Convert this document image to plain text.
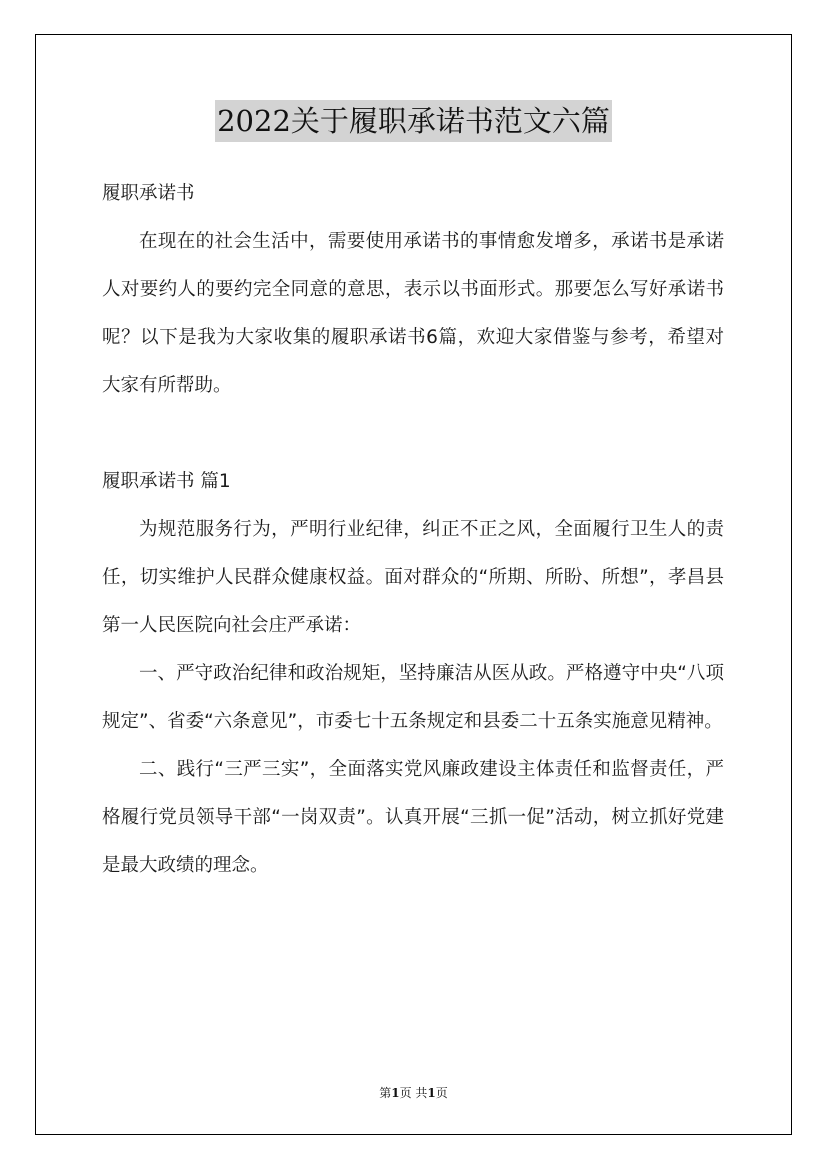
2022关于履职承诺书范文六篇

履职承诺书

在现在的社会生活中，需要使用承诺书的事情愈发增多，承诺书是承诺人对要约人的要约完全同意的意思，表示以书面形式。那要怎么写好承诺书呢？以下是我为大家收集的履职承诺书6篇，欢迎大家借鉴与参考，希望对大家有所帮助。

履职承诺书 篇1

为规范服务行为，严明行业纪律，纠正不正之风，全面履行卫生人的责任，切实维护人民群众健康权益。面对群众的“所期、所盼、所想”，孝昌县第一人民医院向社会庄严承诺：

一、严守政治纪律和政治规矩，坚持廉洁从医从政。严格遵守中央“八项规定”、省委“六条意见”，市委七十五条规定和县委二十五条实施意见精神。

二、践行“三严三实”，全面落实党风廉政建设主体责任和监督责任，严格履行党员领导干部“一岗双责”。认真开展“三抓一促”活动，树立抓好党建是最大政绩的理念。

第1页 共1页
